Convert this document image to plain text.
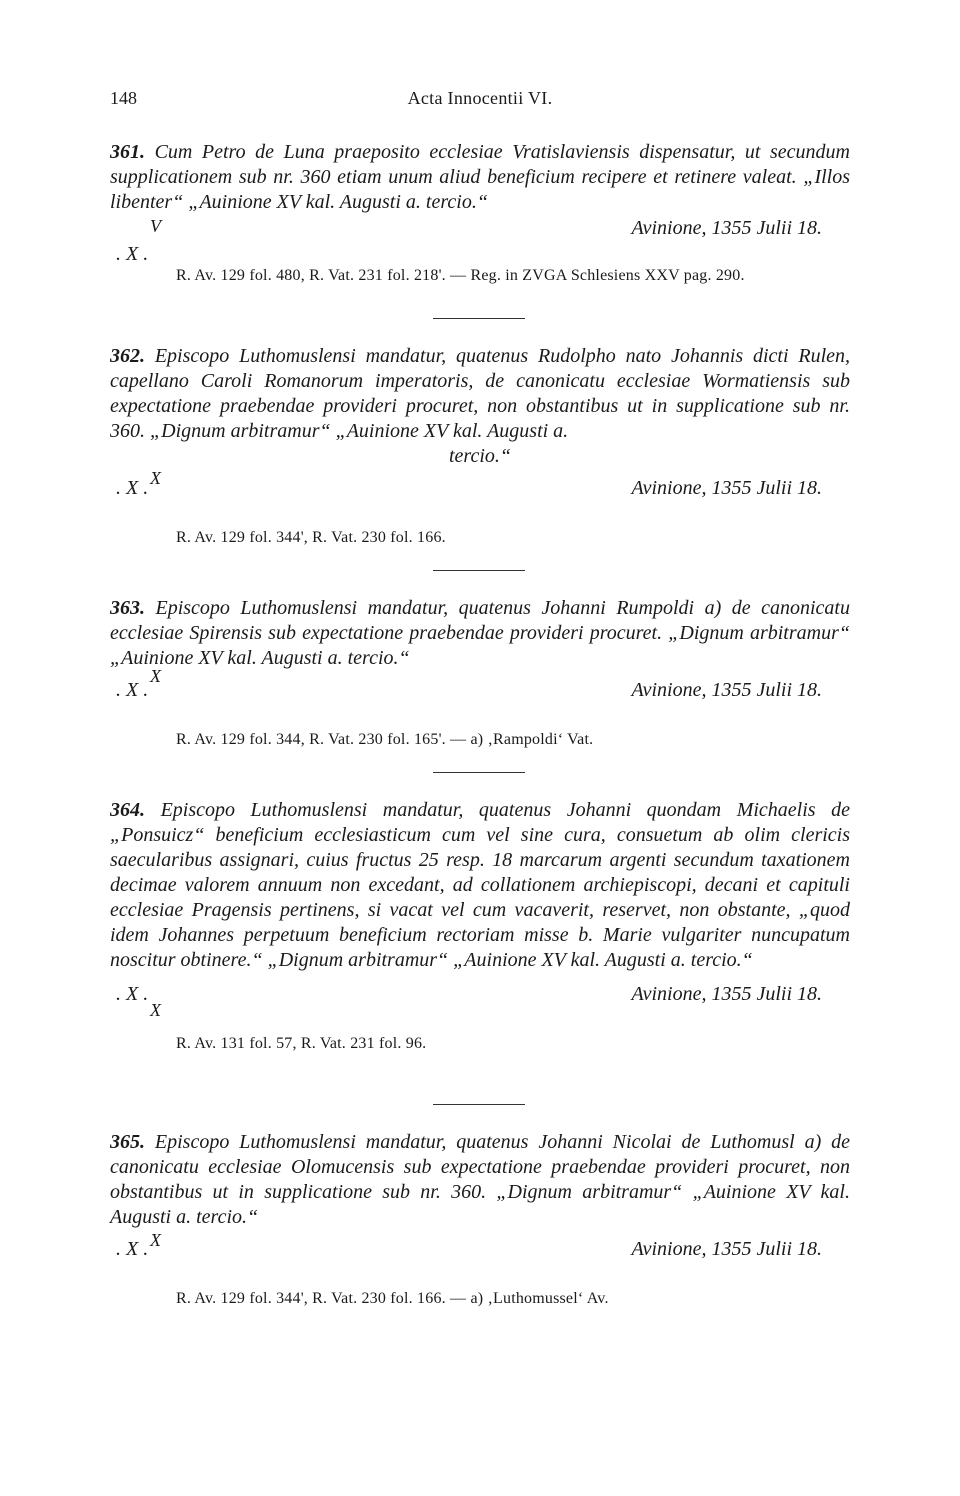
148	Acta Innocentii VI.
361. Cum Petro de Luna praeposito ecclesiae Vratislaviensis dispensatur, ut secundum supplicationem sub nr. 360 etiam unum aliud beneficium recipere et retinere valeat. „Illos libenter“ „Auinione XV kal. Augusti a. tercio.“
V	Avinione, 1355 Julii 18.
. X .
R. Av. 129 fol. 480, R. Vat. 231 fol. 218'. — Reg. in ZVGA Schlesiens XXV pag. 290.
362. Episcopo Luthomuslensi mandatur, quatenus Rudolpho nato Johannis dicti Rulen, capellano Caroli Romanorum imperatoris, de canonicatu ecclesiae Wormatiensis sub expectatione praebendae provideri procuret, non obstantibus ut in supplicatione sub nr. 360. „Dignum arbitramur“ „Auinione XV kal. Augusti a.
tercio.“
X
. X .	Avinione, 1355 Julii 18.
R. Av. 129 fol. 344', R. Vat. 230 fol. 166.
363. Episcopo Luthomuslensi mandatur, quatenus Johanni Rumpoldi a) de canonicatu ecclesiae Spirensis sub expectatione praebendae provideri procuret. „Dignum arbitramur“ „Auinione XV kal. Augusti a. tercio.“
X
. X .	Avinione, 1355 Julii 18.
R. Av. 129 fol. 344, R. Vat. 230 fol. 165'. — a) ‚Rampoldi‘ Vat.
364. Episcopo Luthomuslensi mandatur, quatenus Johanni quondam Michaelis de „Ponsuicz“ beneficium ecclesiasticum cum vel sine cura, consuetum ab olim clericis saecularibus assignari, cuius fructus 25 resp. 18 marcarum argenti secundum taxationem decimae valorem annuum non excedant, ad collationem archiepiscopi, decani et capituli ecclesiae Pragensis pertinens, si vacat vel cum vacaverit, reservet, non obstante, „quod idem Johannes perpetuum beneficium rectoriam misse b. Marie vulgariter nuncupatum noscitur obtinere.“ „Dignum arbitramur“ „Auinione XV kal. Augusti a. tercio.“
X
. X .	Avinione, 1355 Julii 18.
R. Av. 131 fol. 57, R. Vat. 231 fol. 96.
365. Episcopo Luthomuslensi mandatur, quatenus Johanni Nicolai de Luthomusl a) de canonicatu ecclesiae Olomucensis sub expectatione praebendae provideri procuret, non obstantibus ut in supplicatione sub nr. 360. „Dignum arbitramur“ „Auinione XV kal. Augusti a. tercio.“
X
. X .	Avinione, 1355 Julii 18.
R. Av. 129 fol. 344', R. Vat. 230 fol. 166. — a) ‚Luthomussel‘ Av.
